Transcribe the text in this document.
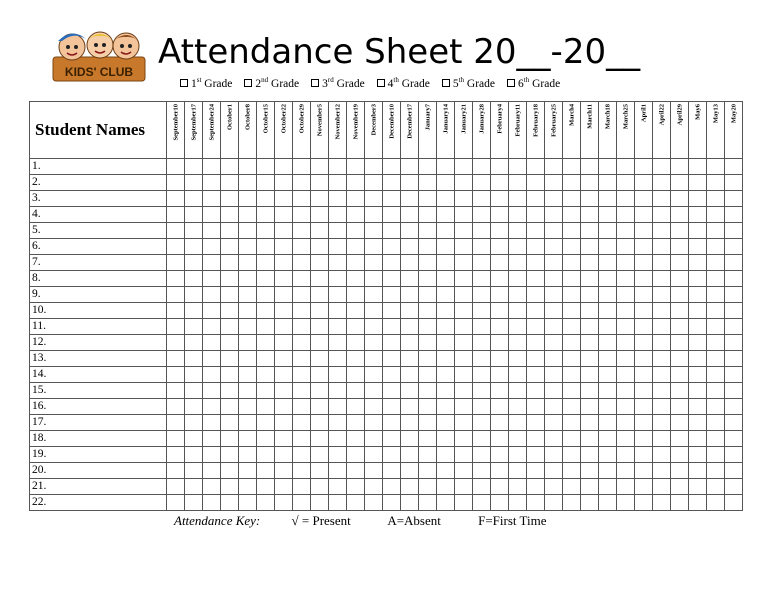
KIDS' CLUB Attendance Sheet 20__-20__
1st Grade 2nd Grade 3rd Grade 4th Grade 5th Grade 6th Grade
Student Names	September10	September17	September24	October1	October8	October15	October22	October29	November5	November12	November19	December3	December10	December17	January7	January14	January21	January28	February4	February11	February18	February25	March4	March11	March18	March25	April1	April22	April29	May6	May13	May20

1.																																
2.																																
3.																																
4.																																
5.																																
6.																																
7.																																
8.																																
9.																																
10.																																
11.																																
12.																																
13.																																
14.																																
15.																																
16.																																
17.																																
18.																																
19.																																
20.																																
21.																																
22.																																
Attendance Key: √ = Present	A=Absent	F=First Time
